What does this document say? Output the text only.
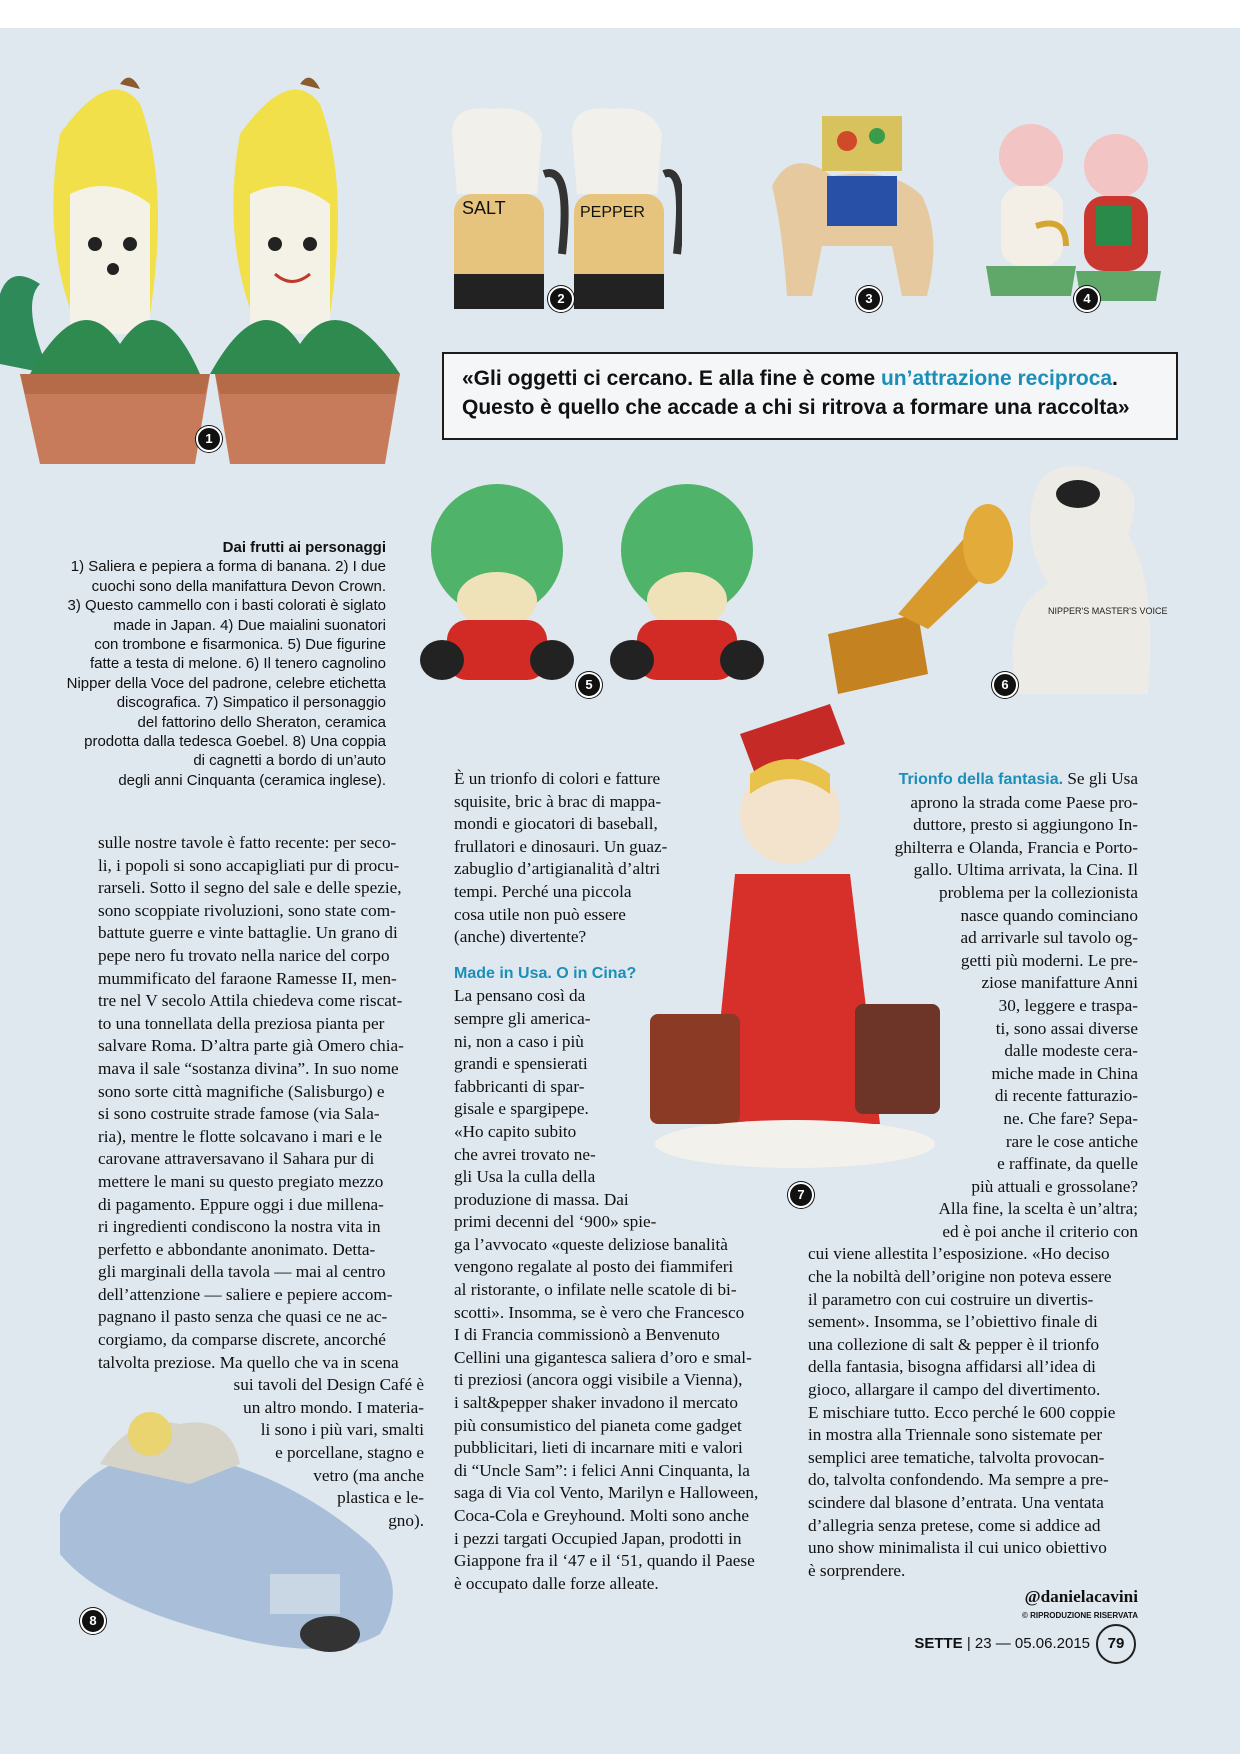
1
SALT	PEPPER
2	3	4
«Gli oggetti ci cercano. E alla fine è come un’attrazione reciproca.
Questo è quello che accade a chi si ritrova a formare una raccolta»
Dai frutti ai personaggi
1) Saliera e pepiera a forma di banana. 2) I due
cuochi sono della manifattura Devon Crown.
3) Questo cammello con i basti colorati è siglato
made in Japan. 4) Due maialini suonatori
con trombone e fisarmonica. 5) Due figurine
fatte a testa di melone. 6) Il tenero cagnolino
Nipper della Voce del padrone, celebre etichetta
discografica. 7) Simpatico il personaggio
del fattorino dello Sheraton, ceramica
prodotta dalla tedesca Goebel. 8) Una coppia
di cagnetti a bordo di un’auto
degli anni Cinquanta (ceramica inglese).
5
NIPPER'S MASTER'S VOICE
6
7
8
sulle nostre tavole è fatto recente: per seco-
li, i popoli si sono accapigliati pur di procu-
rarseli. Sotto il segno del sale e delle spezie,
sono scoppiate rivoluzioni, sono state com-
battute guerre e vinte battaglie. Un grano di
pepe nero fu trovato nella narice del corpo
mummificato del faraone Ramesse II, men-
tre nel V secolo Attila chiedeva come riscat-
to una tonnellata della preziosa pianta per
salvare Roma. D’altra parte già Omero chia-
mava il sale “sostanza divina”. In suo nome
sono sorte città magnifiche (Salisburgo) e
si sono costruite strade famose (via Sala-
ria), mentre le flotte solcavano i mari e le
carovane attraversavano il Sahara pur di
mettere le mani su questo pregiato mezzo
di pagamento. Eppure oggi i due millena-
ri ingredienti condiscono la nostra vita in
perfetto e abbondante anonimato. Detta-
gli marginali della tavola — mai al centro
dell’attenzione — saliere e pepiere accom-
pagnano il pasto senza che quasi ce ne ac-
corgiamo, da comparse discrete, ancorché
talvolta preziose. Ma quello che va in scena
sui tavoli del Design Café è
un altro mondo. I materia-
li sono i più vari, smalti
e porcellane, stagno e
vetro (ma anche
plastica e le-
gno).
È un trionfo di colori e fatture
squisite, bric à brac di mappa-
mondi e giocatori di baseball,
frullatori e dinosauri. Un guaz-
zabuglio d’artigianalità d’altri
tempi. Perché una piccola
cosa utile non può essere
(anche) divertente?
Made in Usa. O in Cina?
La pensano così da
sempre gli america-
ni, non a caso i più
grandi e spensierati
fabbricanti di spar-
gisale e spargipepe.
«Ho capito subito
che avrei trovato ne-
gli Usa la culla della
produzione di massa. Dai
primi decenni del ‘900» spie-
ga l’avvocato «queste deliziose banalità
vengono regalate al posto dei fiammiferi
al ristorante, o infilate nelle scatole di bi-
scotti». Insomma, se è vero che Francesco
I di Francia commissionò a Benvenuto
Cellini una gigantesca saliera d’oro e smal-
ti preziosi (ancora oggi visibile a Vienna),
i salt&pepper shaker invadono il mercato
più consumistico del pianeta come gadget
pubblicitari, lieti di incarnare miti e valori
di “Uncle Sam”: i felici Anni Cinquanta, la
saga di Via col Vento, Marilyn e Halloween,
Coca-Cola e Greyhound. Molti sono anche
i pezzi targati Occupied Japan, prodotti in
Giappone fra il ‘47 e il ‘51, quando il Paese
è occupato dalle forze alleate.
Trionfo della fantasia. Se gli Usa
aprono la strada come Paese pro-
duttore, presto si aggiungono In-
ghilterra e Olanda, Francia e Porto-
gallo. Ultima arrivata, la Cina. Il
problema per la collezionista
nasce quando cominciano
ad arrivarle sul tavolo og-
getti più moderni. Le pre-
ziose manifatture Anni
30, leggere e traspa-
ti, sono assai diverse
dalle modeste cera-
miche made in China
di recente fatturazio-
ne. Che fare? Sepa-
rare le cose antiche
e raffinate, da quelle
più attuali e grossolane?
Alla fine, la scelta è un’altra;
ed è poi anche il criterio con
cui viene allestita l’esposizione. «Ho deciso
che la nobiltà dell’origine non poteva essere
il parametro con cui costruire un divertis-
sement». Insomma, se l’obiettivo finale di
una collezione di salt & pepper è il trionfo
della fantasia, bisogna affidarsi all’idea di
gioco, allargare il campo del divertimento.
E mischiare tutto. Ecco perché le 600 coppie
in mostra alla Triennale sono sistemate per
semplici aree tematiche, talvolta provocan-
do, talvolta confondendo. Ma sempre a pre-
scindere dal blasone d’entrata. Una ventata
d’allegria senza pretese, come si addice ad
uno show minimalista il cui unico obiettivo
è sorprendere.
@danielacavini
© RIPRODUZIONE RISERVATA
SETTE | 23 — 05.06.2015	79
